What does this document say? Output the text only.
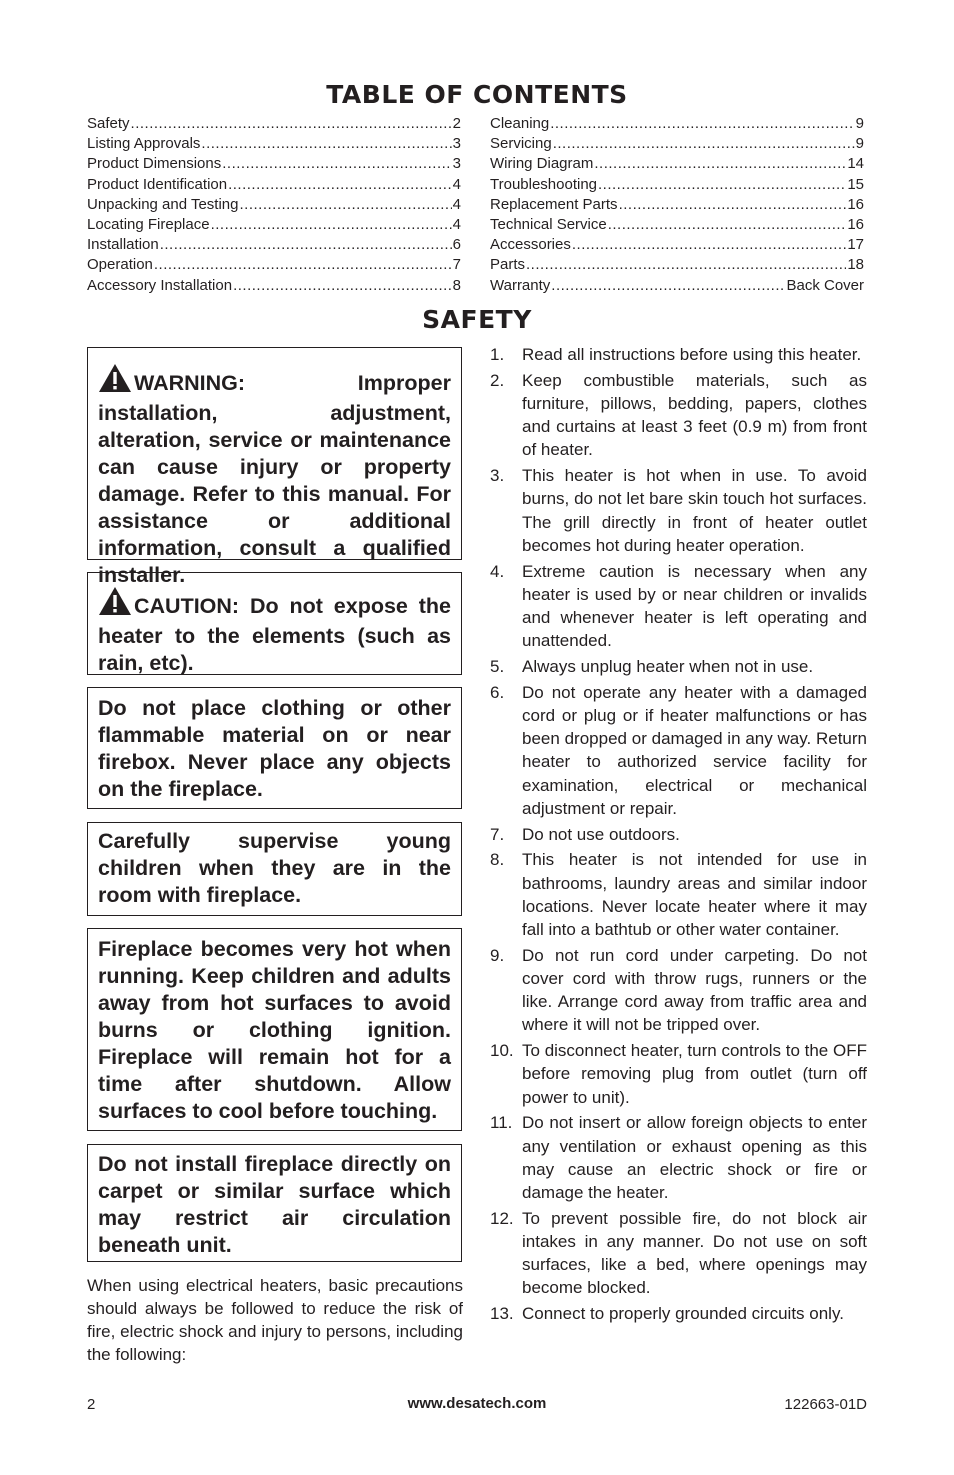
TABLE OF CONTENTS
Safety .....	2
Listing Approvals .....	3
Product Dimensions .....	3
Product Identification .....	4
Unpacking and Testing .....	4
Locating Fireplace .....	4
Installation .....	6
Operation .....	7
Accessory Installation .....	8
Cleaning .....	9
Servicing .....	9
Wiring Diagram .....	14
Troubleshooting .....	15
Replacement Parts .....	16
Technical Service .....	16
Accessories .....	17
Parts .....	18
Warranty .....	Back Cover
SAFETY
WARNING: Improper installation, adjustment, alteration, service or maintenance can cause injury or property damage. Refer to this manual. For assistance or additional information, consult a qualified installer.
CAUTION: Do not expose the heater to the elements (such as rain, etc).
Do not place clothing or other flammable material on or near firebox. Never place any objects on the fireplace.
Carefully supervise young children when they are in the room with fireplace.
Fireplace becomes very hot when running. Keep children and adults away from hot surfaces to avoid burns or clothing ignition. Fireplace will remain hot for a time after shutdown. Allow surfaces to cool before touching.
Do not install fireplace directly on carpet or similar surface which may restrict air circulation beneath unit.
When using electrical heaters, basic precautions should always be followed to reduce the risk of fire, electric shock and injury to persons, including the following:
1. Read all instructions before using this heater.
2. Keep combustible materials, such as furniture, pillows, bedding, papers, clothes and curtains at least 3 feet (0.9 m) from front of heater.
3. This heater is hot when in use. To avoid burns, do not let bare skin touch hot surfaces. The grill directly in front of heater outlet becomes hot during heater operation.
4. Extreme caution is necessary when any heater is used by or near children or invalids and whenever heater is left operating and unattended.
5. Always unplug heater when not in use.
6. Do not operate any heater with a damaged cord or plug or if heater malfunctions or has been dropped or damaged in any way. Return heater to authorized service facility for examination, electrical or mechanical adjustment or repair.
7. Do not use outdoors.
8. This heater is not intended for use in bathrooms, laundry areas and similar indoor locations. Never locate heater where it may fall into a bathtub or other water container.
9. Do not run cord under carpeting. Do not cover cord with throw rugs, runners or the like. Arrange cord away from traffic area and where it will not be tripped over.
10. To disconnect heater, turn controls to the OFF before removing plug from outlet (turn off power to unit).
11. Do not insert or allow foreign objects to enter any ventilation or exhaust opening as this may cause an electric shock or fire or damage the heater.
12. To prevent possible fire, do not block air intakes in any manner. Do not use on soft surfaces, like a bed, where openings may become blocked.
13. Connect to properly grounded circuits only.
2	www.desatech.com	122663-01D
